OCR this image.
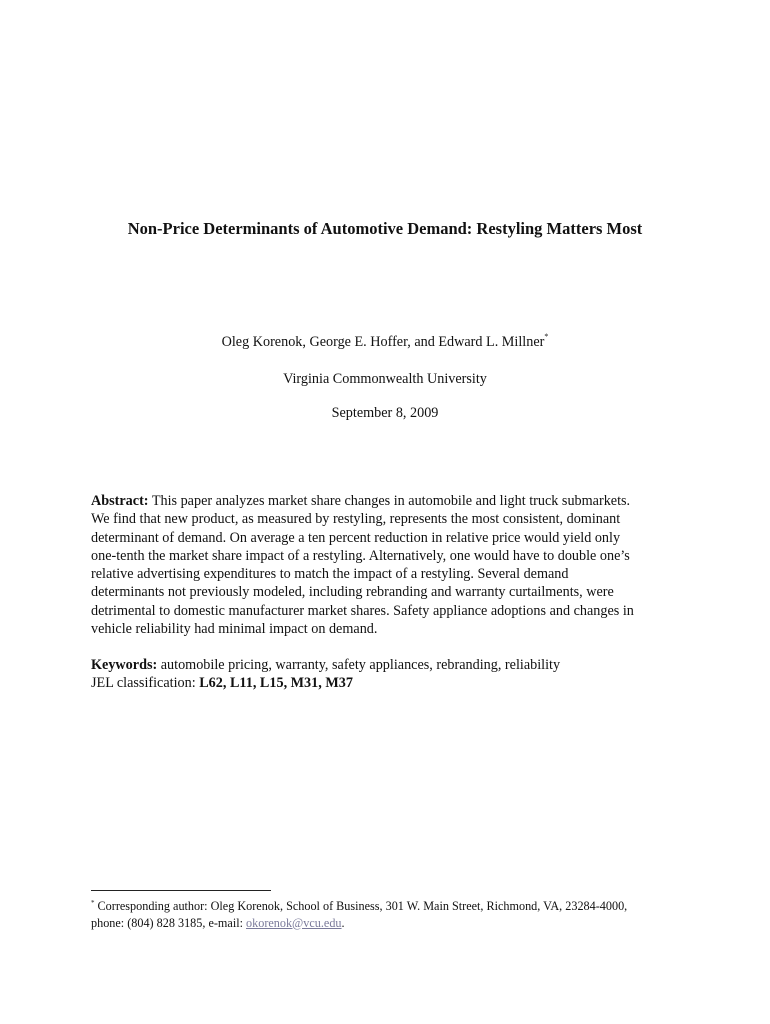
Non-Price Determinants of Automotive Demand: Restyling Matters Most
Oleg Korenok, George E. Hoffer, and Edward L. Millner*
Virginia Commonwealth University
September 8, 2009
Abstract: This paper analyzes market share changes in automobile and light truck submarkets.
We find that new product, as measured by restyling, represents the most consistent, dominant
determinant of demand. On average a ten percent reduction in relative price would yield only
one-tenth the market share impact of a restyling. Alternatively, one would have to double one’s
relative advertising expenditures to match the impact of a restyling. Several demand
determinants not previously modeled, including rebranding and warranty curtailments, were
detrimental to domestic manufacturer market shares. Safety appliance adoptions and changes in
vehicle reliability had minimal impact on demand.
Keywords: automobile pricing, warranty, safety appliances, rebranding, reliability
JEL classification: L62, L11, L15, M31, M37
* Corresponding author: Oleg Korenok, School of Business, 301 W. Main Street, Richmond, VA, 23284-4000,
phone: (804) 828 3185, e-mail: okorenok@vcu.edu.
